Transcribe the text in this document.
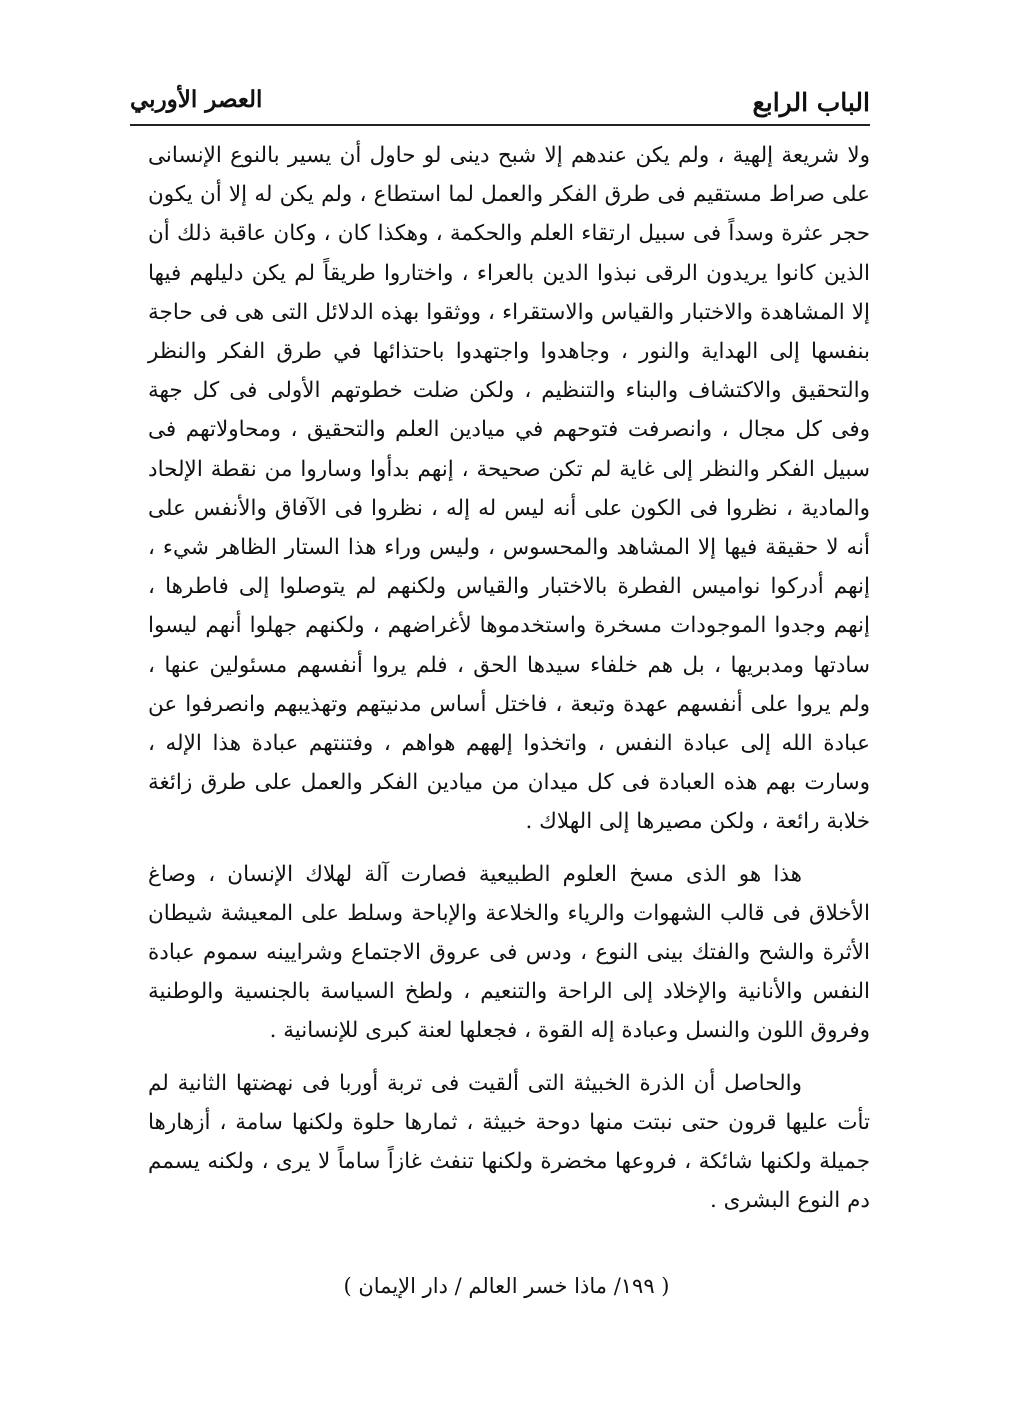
الباب الرابع
العصر الأوربي

ولا شريعة إلهية ، ولم يكن عندهم إلا شبح دينى لو حاول أن يسير بالنوع الإنسانى على صراط مستقيم فى طرق الفكر والعمل لما استطاع ، ولم يكن له إلا أن يكون حجر عثرة وسداً فى سبيل ارتقاء العلم والحكمة ، وهكذا كان ، وكان عاقبة ذلك أن الذين كانوا يريدون الرقى نبذوا الدين بالعراء ، واختاروا طريقاً لم يكن دليلهم فيها إلا المشاهدة والاختبار والقياس والاستقراء ، ووثقوا بهذه الدلائل التى هى فى حاجة بنفسها إلى الهداية والنور ، وجاهدوا واجتهدوا باحتذائها في طرق الفكر والنظر والتحقيق والاكتشاف والبناء والتنظيم ، ولكن ضلت خطوتهم الأولى فى كل جهة وفى كل مجال ، وانصرفت فتوحهم في ميادين العلم والتحقيق ، ومحاولاتهم فى سبيل الفكر والنظر إلى غاية لم تكن صحيحة ، إنهم بدأوا وساروا من نقطة الإلحاد والمادية ، نظروا فى الكون على أنه ليس له إله ، نظروا فى الآفاق والأنفس على أنه لا حقيقة فيها إلا المشاهد والمحسوس ، وليس وراء هذا الستار الظاهر شيء ، إنهم أدركوا نواميس الفطرة بالاختبار والقياس ولكنهم لم يتوصلوا إلى فاطرها ، إنهم وجدوا الموجودات مسخرة واستخدموها لأغراضهم ، ولكنهم جهلوا أنهم ليسوا سادتها ومدبريها ، بل هم خلفاء سيدها الحق ، فلم يروا أنفسهم مسئولين عنها ، ولم يروا على أنفسهم عهدة وتبعة ، فاختل أساس مدنيتهم وتهذيبهم وانصرفوا عن عبادة الله إلى عبادة النفس ، واتخذوا إلههم هواهم ، وفتنتهم عبادة هذا الإله ، وسارت بهم هذه العبادة فى كل ميدان من ميادين الفكر والعمل على طرق زائغة خلابة رائعة ، ولكن مصيرها إلى الهلاك .

هذا هو الذى مسخ العلوم الطبيعية فصارت آلة لهلاك الإنسان ، وصاغ الأخلاق فى قالب الشهوات والرياء والخلاعة والإباحة وسلط على المعيشة شيطان الأثرة والشح والفتك بينى النوع ، ودس فى عروق الاجتماع وشرايينه سموم عبادة النفس والأنانية والإخلاد إلى الراحة والتنعيم ، ولطخ السياسة بالجنسية والوطنية وفروق اللون والنسل وعبادة إله القوة ، فجعلها لعنة كبرى للإنسانية .

والحاصل أن الذرة الخبيثة التى ألقيت فى تربة أوربا فى نهضتها الثانية لم تأت عليها قرون حتى نبتت منها دوحة خبيثة ، ثمارها حلوة ولكنها سامة ، أزهارها جميلة ولكنها شائكة ، فروعها مخضرة ولكنها تنفث غازاً ساماً لا يرى ، ولكنه يسمم دم النوع البشرى .

( ١٩٩/ ماذا خسر العالم / دار الإيمان )
